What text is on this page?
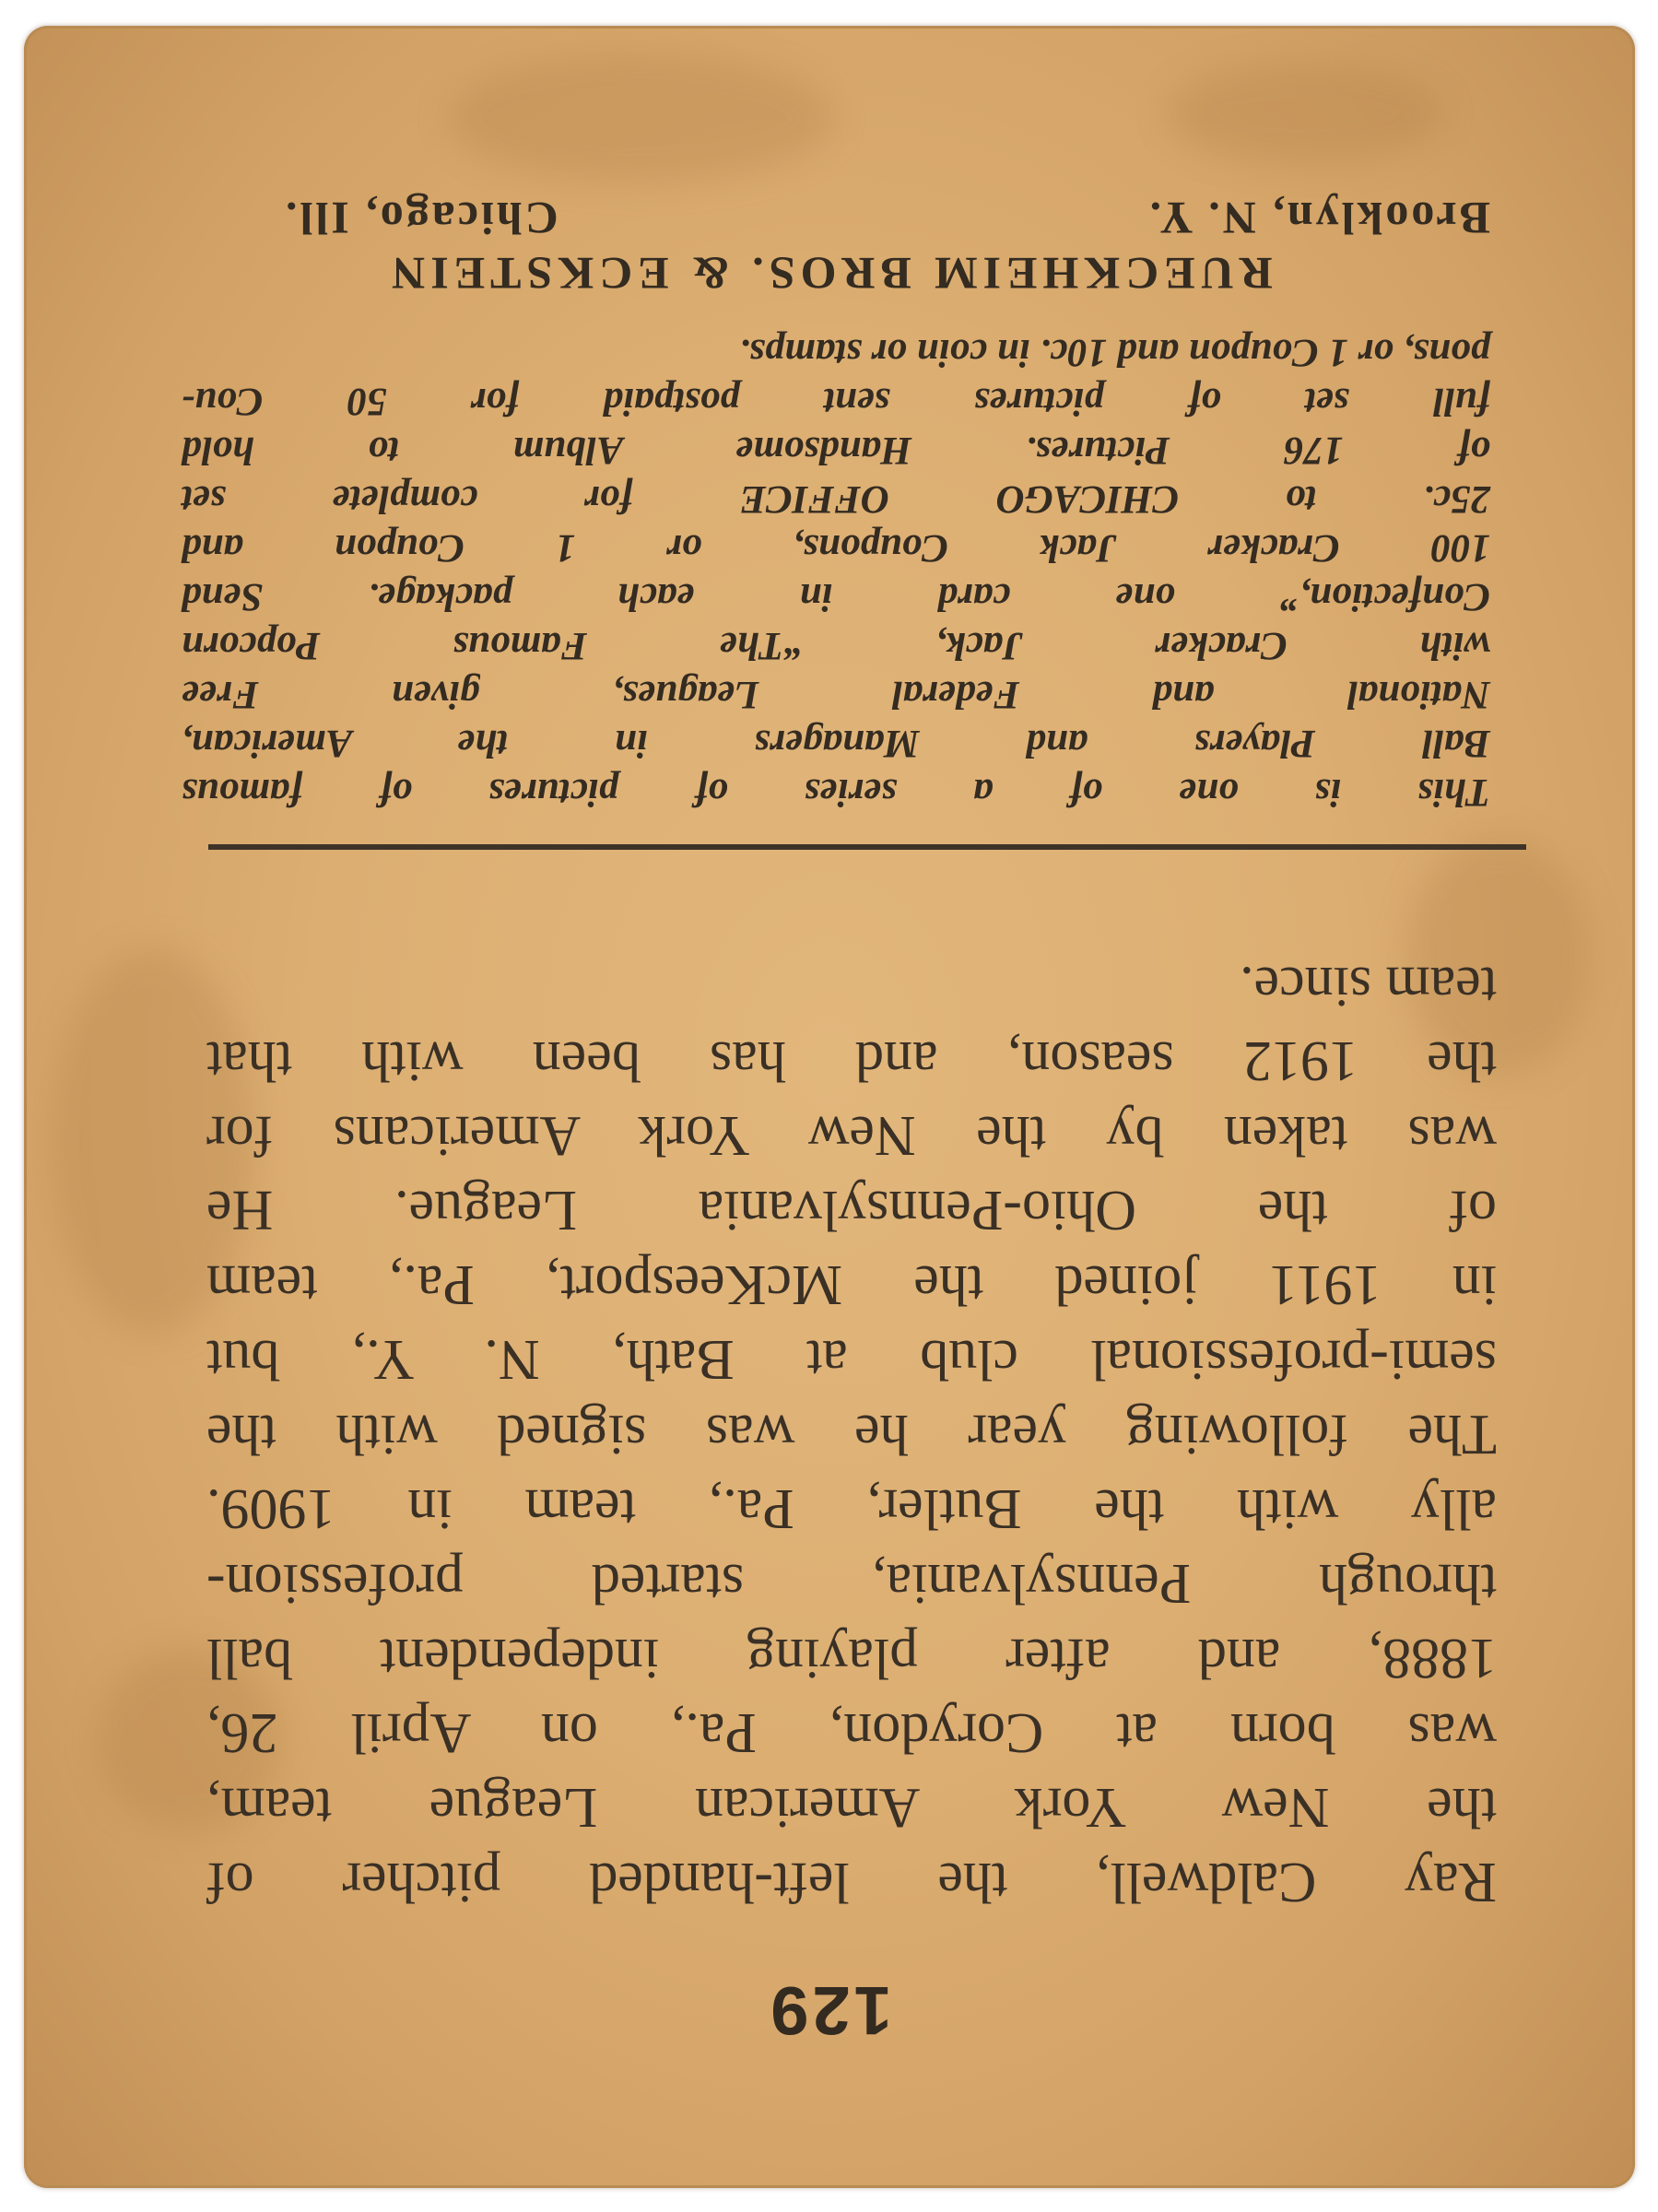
129
Ray Caldwell, the left-handed pitcher of
the New York American League team,
was born at Corydon, Pa., on April 26,
1888, and after playing independent ball
through Pennsylvania, started profession-
ally with the Butler, Pa., team in 1909.
The following year he was signed with the
semi-professional club at Bath, N. Y., but
in 1911 joined the McKeesport, Pa., team
of the Ohio-Pennsylvania League. He
was taken by the New York Americans for
the 1912 season, and has been with that
team since.
This is one of a series of pictures of famous
Ball Players and Managers in the American,
National and Federal Leagues, given Free
with Cracker Jack, “The Famous Popcorn
Confection,” one card in each package. Send
100 Cracker Jack Coupons, or 1 Coupon and
25c. to CHICAGO OFFICE for complete set
of 176 Pictures. Handsome Album to hold
full set of pictures sent postpaid for 50 Cou-
pons, or 1 Coupon and 10c. in coin or stamps.
RUECKHEIM BROS. & ECKSTEIN
Brooklyn, N. Y.
Chicago, Ill.
